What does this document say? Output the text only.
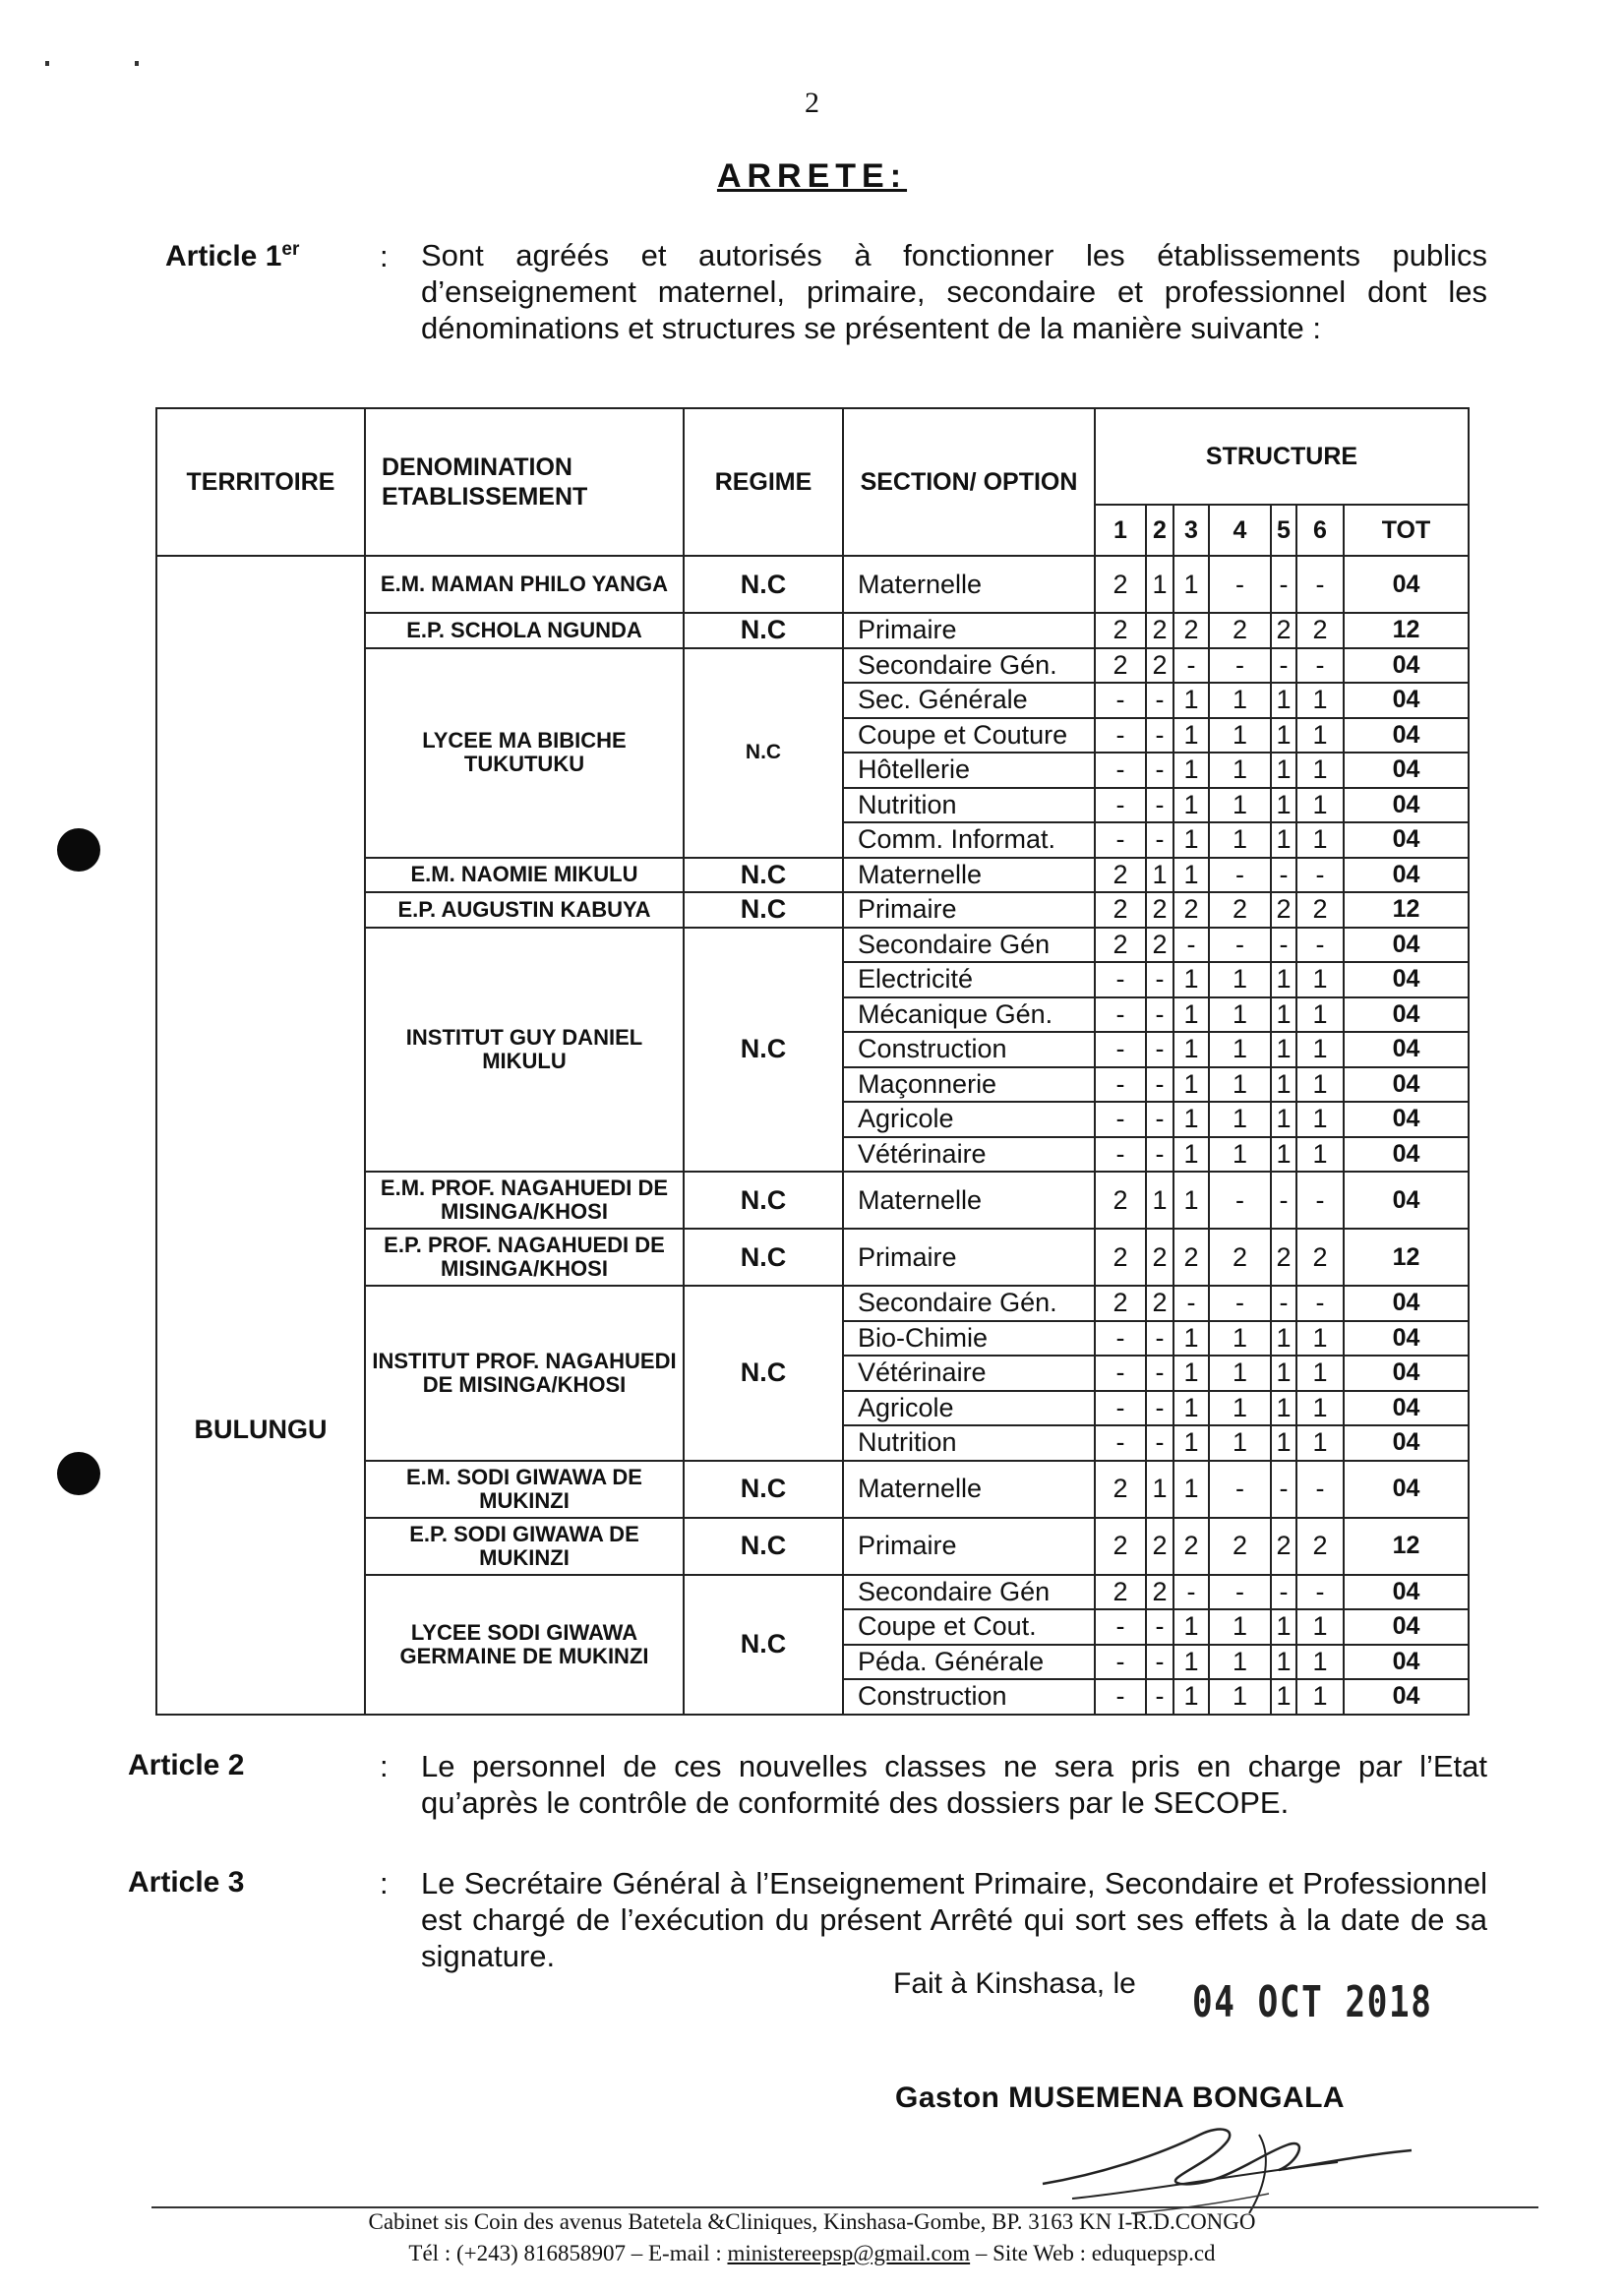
2
ARRETE:
Article 1er	: Sont agréés et autorisés à fonctionner les établissements publics d’enseignement maternel, primaire, secondaire et professionnel dont les dénominations et structures se présentent de la manière suivante :
TERRITOIRE	DENOMINATION ETABLISSEMENT	REGIME	SECTION/ OPTION	STRUCTURE						
				1	2	3	4	5	6	TOT
BULUNGU	E.M. MAMAN PHILO YANGA	N.C	Maternelle	2	1	1	-	-	-	04
	E.P. SCHOLA NGUNDA	N.C	Primaire	2	2	2	2	2	2	12
	LYCEE MA BIBICHE TUKUTUKU	N.C	Secondaire Gén.	2	2	-	-	-	-	04
			Sec. Générale	-	-	1	1	1	1	04
			Coupe et Couture	-	-	1	1	1	1	04
			Hôtellerie	-	-	1	1	1	1	04
			Nutrition	-	-	1	1	1	1	04
			Comm. Informat.	-	-	1	1	1	1	04
	E.M. NAOMIE MIKULU	N.C	Maternelle	2	1	1	-	-	-	04
	E.P. AUGUSTIN KABUYA	N.C	Primaire	2	2	2	2	2	2	12
	INSTITUT GUY DANIEL MIKULU	N.C	Secondaire Gén	2	2	-	-	-	-	04
			Electricité	-	-	1	1	1	1	04
			Mécanique Gén.	-	-	1	1	1	1	04
			Construction	-	-	1	1	1	1	04
			Maçonnerie	-	-	1	1	1	1	04
			Agricole	-	-	1	1	1	1	04
			Vétérinaire	-	-	1	1	1	1	04
	E.M. PROF. NAGAHUEDI DE MISINGA/KHOSI	N.C	Maternelle	2	1	1	-	-	-	04
	E.P. PROF. NAGAHUEDI DE MISINGA/KHOSI	N.C	Primaire	2	2	2	2	2	2	12
	INSTITUT PROF. NAGAHUEDI DE MISINGA/KHOSI	N.C	Secondaire Gén.	2	2	-	-	-	-	04
			Bio-Chimie	-	-	1	1	1	1	04
			Vétérinaire	-	-	1	1	1	1	04
			Agricole	-	-	1	1	1	1	04
			Nutrition	-	-	1	1	1	1	04
	E.M. SODI GIWAWA DE MUKINZI	N.C	Maternelle	2	1	1	-	-	-	04
	E.P. SODI GIWAWA DE MUKINZI	N.C	Primaire	2	2	2	2	2	2	12
	LYCEE SODI GIWAWA GERMAINE DE MUKINZI	N.C	Secondaire Gén	2	2	-	-	-	-	04
			Coupe et Cout.	-	-	1	1	1	1	04
			Péda. Générale	-	-	1	1	1	1	04
			Construction	-	-	1	1	1	1	04
Article 2	: Le personnel de ces nouvelles classes ne sera pris en charge par l’Etat qu’après le contrôle de conformité des dossiers par le SECOPE.
Article 3	: Le Secrétaire Général à l’Enseignement Primaire, Secondaire et Professionnel est chargé de l’exécution du présent Arrêté qui sort ses effets à la date de sa signature.
Fait à Kinshasa, le 04 OCT 2018
Gaston MUSEMENA BONGALA
Cabinet sis Coin des avenus Batetela &Cliniques, Kinshasa-Gombe, BP. 3163 KN I-R.D.CONGO
Tél : (+243) 816858907 – E-mail : ministereepsp@gmail.com – Site Web : eduquepsp.cd
